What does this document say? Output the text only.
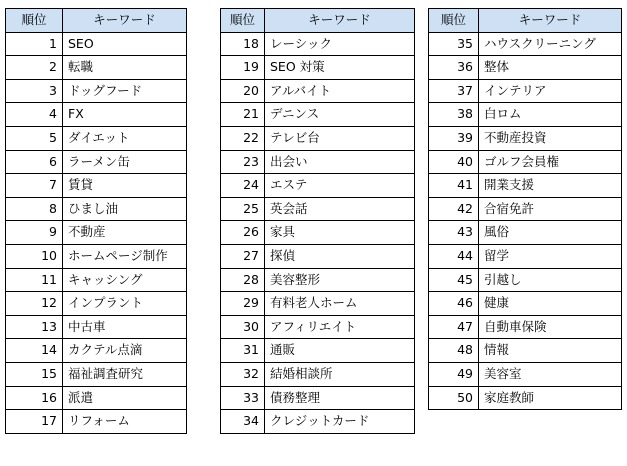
順位	キーワード
1	SEO
2	転職
3	ドッグフード
4	FX
5	ダイエット
6	ラーメン缶
7	賃貸
8	ひまし油
9	不動産
10	ホームページ制作
11	キャッシング
12	インプラント
13	中古車
14	カクテル点滴
15	福祉調査研究
16	派遣
17	リフォーム
順位	キーワード
18	レーシック
19	SEO 対策
20	アルバイト
21	デニンス
22	テレビ台
23	出会い
24	エステ
25	英会話
26	家具
27	探偵
28	美容整形
29	有料老人ホーム
30	アフィリエイト
31	通販
32	結婚相談所
33	債務整理
34	クレジットカード
順位	キーワード
35	ハウスクリーニング
36	整体
37	インテリア
38	白ロム
39	不動産投資
40	ゴルフ会員権
41	開業支援
42	合宿免許
43	風俗
44	留学
45	引越し
46	健康
47	自動車保険
48	情報
49	美容室
50	家庭教師
